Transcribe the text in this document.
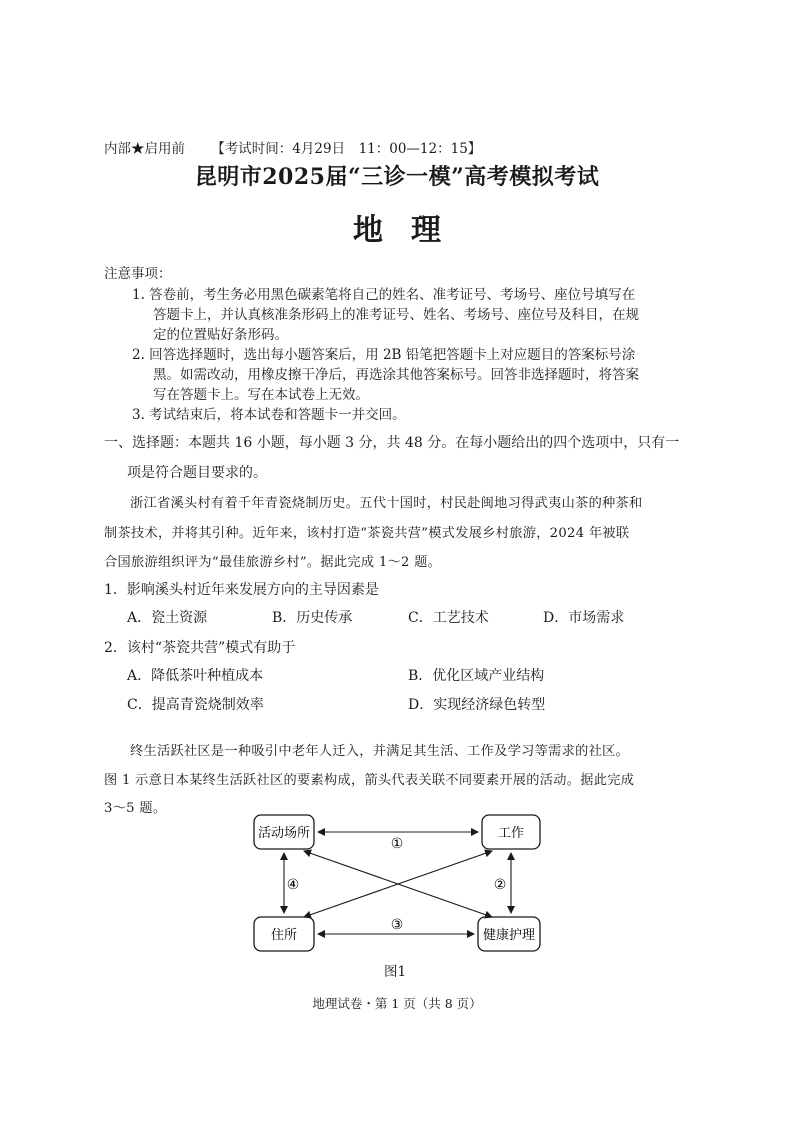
内部★启用前 【考试时间：4月29日　11：00—12：15】
昆明市2025届“三诊一模”高考模拟考试
地理
注意事项：
1. 答卷前，考生务必用黑色碳素笔将自己的姓名、准考证号、考场号、座位号填写在
答题卡上，并认真核准条形码上的准考证号、姓名、考场号、座位号及科目，在规
定的位置贴好条形码。
2. 回答选择题时，选出每小题答案后，用 2B 铅笔把答题卡上对应题目的答案标号涂
黑。如需改动，用橡皮擦干净后，再选涂其他答案标号。回答非选择题时，将答案
写在答题卡上。写在本试卷上无效。
3. 考试结束后，将本试卷和答题卡一并交回。
一、选择题：本题共 16 小题，每小题 3 分，共 48 分。在每小题给出的四个选项中，只有一
项是符合题目要求的。
浙江省溪头村有着千年青瓷烧制历史。五代十国时，村民赴闽地习得武夷山茶的种茶和
制茶技术，并将其引种。近年来，该村打造“茶瓷共营”模式发展乡村旅游，2024 年被联
合国旅游组织评为“最佳旅游乡村”。据此完成 1～2 题。
1．影响溪头村近年来发展方向的主导因素是
A．瓷土资源	B．历史传承	C．工艺技术	D．市场需求
2．该村“茶瓷共营”模式有助于
A．降低茶叶种植成本	B．优化区域产业结构
C．提高青瓷烧制效率	D．实现经济绿色转型
终生活跃社区是一种吸引中老年人迁入，并满足其生活、工作及学习等需求的社区。
图 1 示意日本某终生活跃社区的要素构成，箭头代表关联不同要素开展的活动。据此完成
3～5 题。
活动场所	工作
住所	健康护理
①
②
③
④
图1
地理试卷・第 1 页（共 8 页）
